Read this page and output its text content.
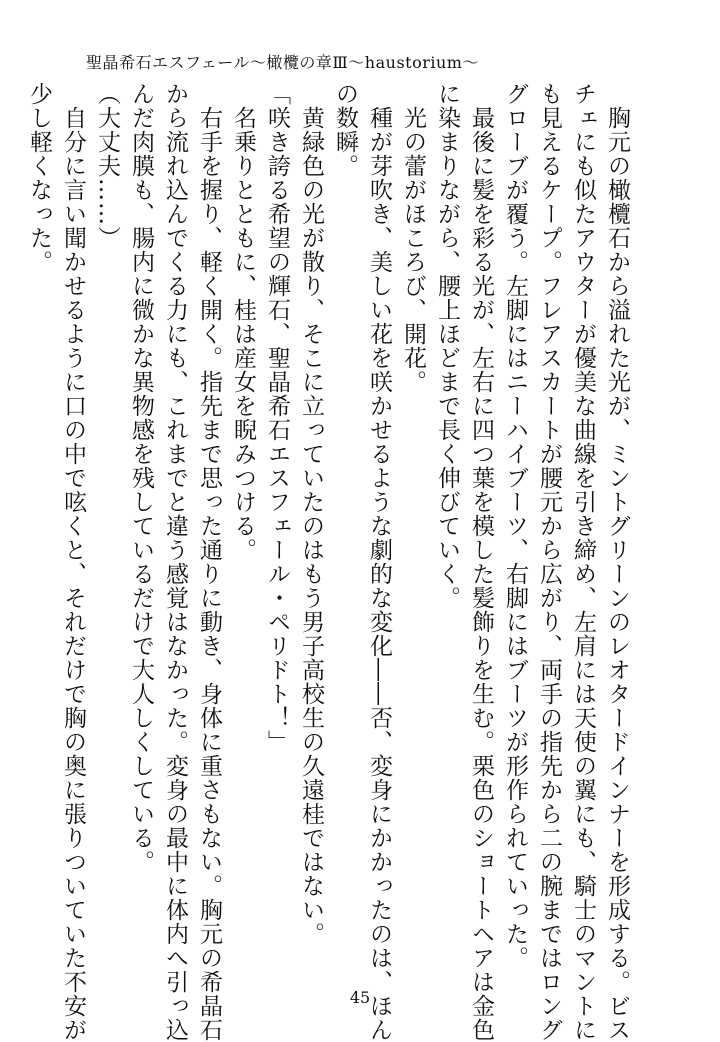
聖晶希石エスフェール〜橄欖の章Ⅲ〜haustorium〜
　胸元の橄欖石から溢れた光が、ミントグリーンのレオタードインナーを形成する。ビス
チェにも似たアウターが優美な曲線を引き締め、左肩には天使の翼にも、騎士のマントに
も見えるケープ。フレアスカートが腰元から広がり、両手の指先から二の腕まではロング
グローブが覆う。左脚にはニーハイブーツ、右脚にはブーツが形作られていった。
　最後に髪を彩る光が、左右に四つ葉を模した髪飾りを生む。栗色のショートヘアは金色
に染まりながら、腰上ほどまで長く伸びていく。
　光の蕾がほころび、開花。
　種が芽吹き、美しい花を咲かせるような劇的な変化――否、変身にかかったのは、ほん
の数瞬。
　黄緑色の光が散り、そこに立っていたのはもう男子高校生の久遠桂ではない。
「咲き誇る希望の輝石、聖晶希石エスフェール・ペリドト！」
　名乗りとともに、桂は産女を睨みつける。
　右手を握り、軽く開く。指先まで思った通りに動き、身体に重さもない。胸元の希晶石
から流れ込んでくる力にも、これまでと違う感覚はなかった。変身の最中に体内へ引っ込
んだ肉膜も、腸内に微かな異物感を残しているだけで大人しくしている。
（大丈夫……）
　自分に言い聞かせるように口の中で呟くと、それだけで胸の奥に張りついていた不安が
少し軽くなった。
45
